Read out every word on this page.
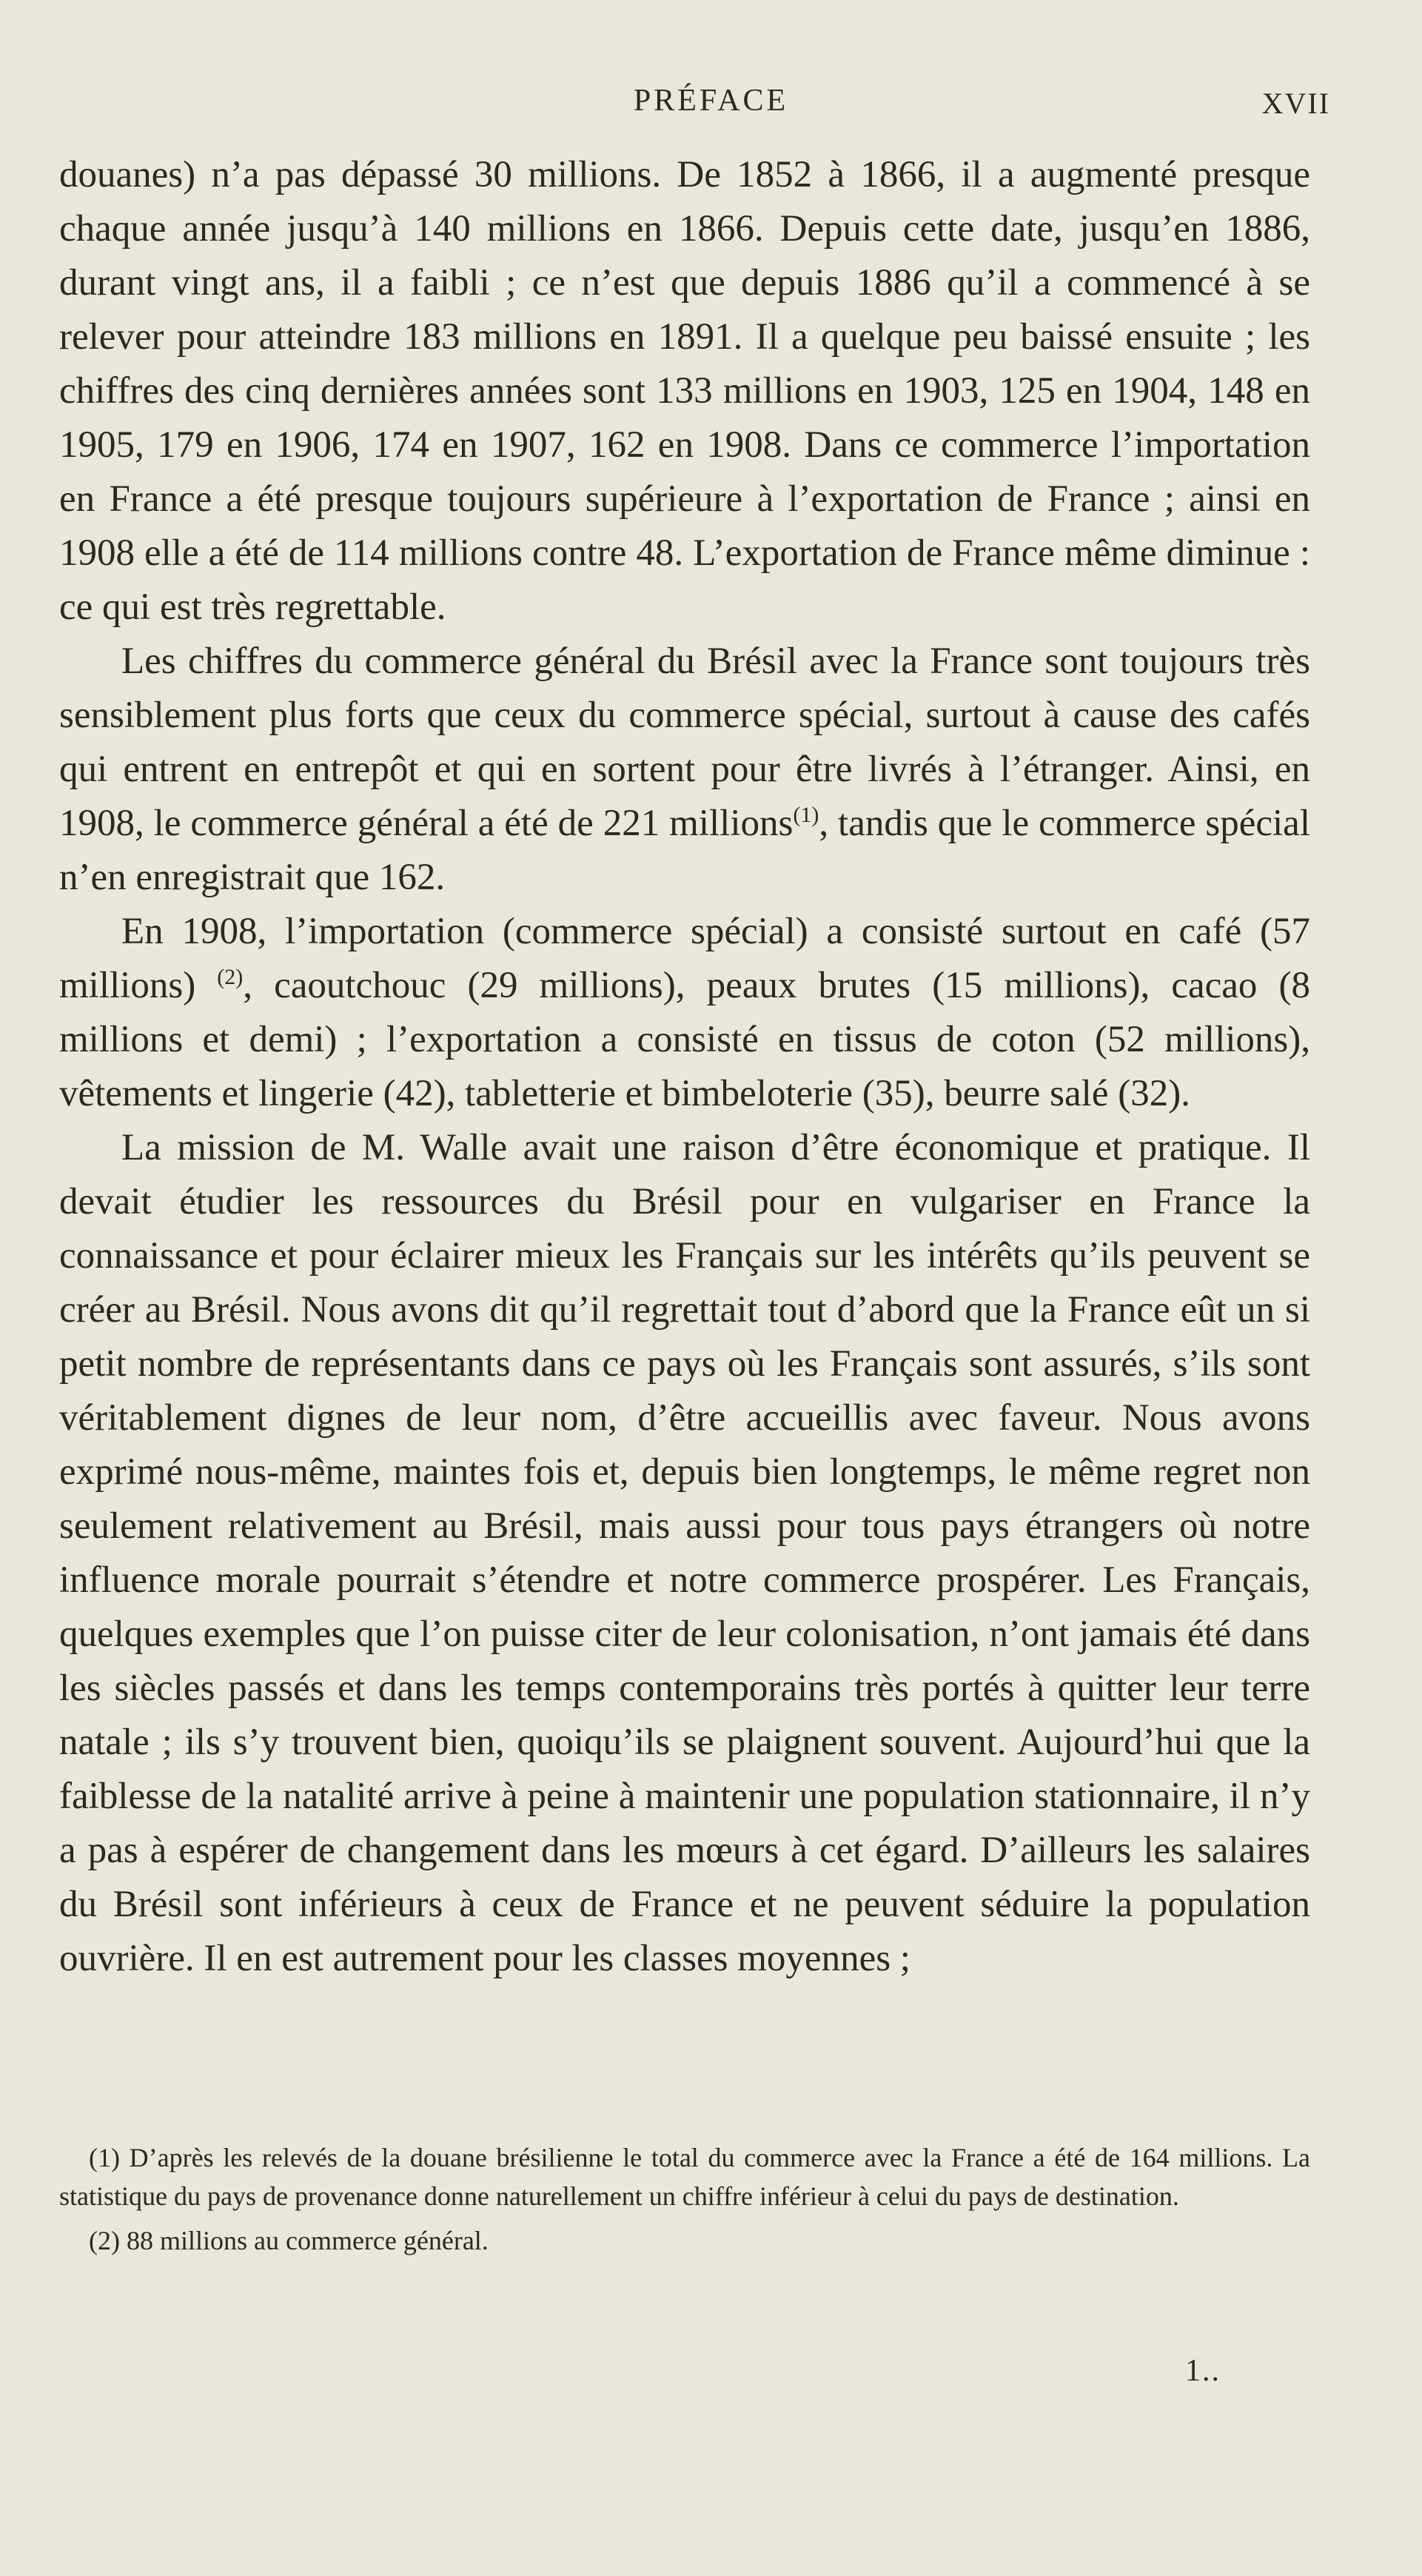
PRÉFACE	XVII

douanes) n’a pas dépassé 30 millions. De 1852 à 1866, il a augmenté presque chaque année jusqu’à 140 millions en 1866. Depuis cette date, jusqu’en 1886, durant vingt ans, il a faibli ; ce n’est que depuis 1886 qu’il a commencé à se relever pour atteindre 183 millions en 1891. Il a quelque peu baissé ensuite ; les chiffres des cinq dernières années sont 133 millions en 1903, 125 en 1904, 148 en 1905, 179 en 1906, 174 en 1907, 162 en 1908. Dans ce commerce l’importation en France a été presque toujours supérieure à l’exportation de France ; ainsi en 1908 elle a été de 114 millions contre 48. L’exportation de France même diminue : ce qui est très regrettable.

Les chiffres du commerce général du Brésil avec la France sont toujours très sensiblement plus forts que ceux du commerce spécial, surtout à cause des cafés qui entrent en entrepôt et qui en sortent pour être livrés à l’étranger. Ainsi, en 1908, le commerce général a été de 221 millions$^{(1)}$, tandis que le commerce spécial n’en enregistrait que 162.

En 1908, l’importation (commerce spécial) a consisté surtout en café (57 millions) $^{(2)}$, caoutchouc (29 millions), peaux brutes (15 millions), cacao (8 millions et demi) ; l’exportation a consisté en tissus de coton (52 millions), vêtements et lingerie (42), tabletterie et bimbeloterie (35), beurre salé (32).

La mission de M. Walle avait une raison d’être économique et pratique. Il devait étudier les ressources du Brésil pour en vulgariser en France la connaissance et pour éclairer mieux les Français sur les intérêts qu’ils peuvent se créer au Brésil. Nous avons dit qu’il regrettait tout d’abord que la France eût un si petit nombre de représentants dans ce pays où les Français sont assurés, s’ils sont véritablement dignes de leur nom, d’être accueillis avec faveur. Nous avons exprimé nous-même, maintes fois et, depuis bien longtemps, le même regret non seulement relativement au Brésil, mais aussi pour tous pays étrangers où notre influence morale pourrait s’étendre et notre commerce prospérer. Les Français, quelques exemples que l’on puisse citer de leur colonisation, n’ont jamais été dans les siècles passés et dans les temps contemporains très portés à quitter leur terre natale ; ils s’y trouvent bien, quoiqu’ils se plaignent souvent. Aujourd’hui que la faiblesse de la natalité arrive à peine à maintenir une population stationnaire, il n’y a pas à espérer de changement dans les mœurs à cet égard. D’ailleurs les salaires du Brésil sont inférieurs à ceux de France et ne peuvent séduire la population ouvrière. Il en est autrement pour les classes moyennes ;

(1) D’après les relevés de la douane brésilienne le total du commerce avec la France a été de 164 millions. La statistique du pays de provenance donne naturellement un chiffre inférieur à celui du pays de destination.

(2) 88 millions au commerce général.

1..
